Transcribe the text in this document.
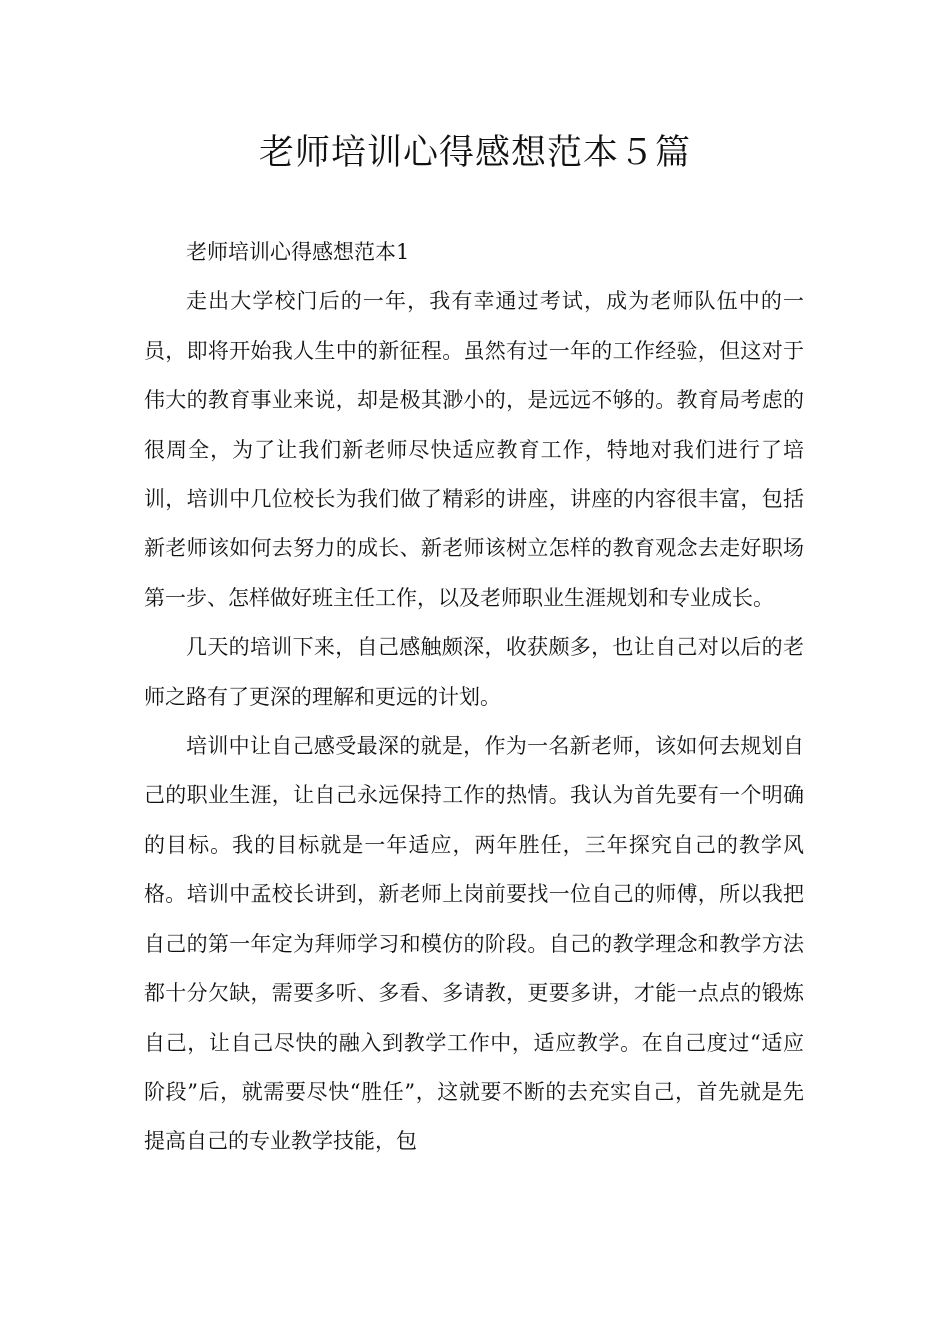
老师培训心得感想范本５篇

老师培训心得感想范本1

走出大学校门后的一年，我有幸通过考试，成为老师队伍中的一员，即将开始我人生中的新征程。虽然有过一年的工作经验，但这对于伟大的教育事业来说，却是极其渺小的，是远远不够的。教育局考虑的很周全，为了让我们新老师尽快适应教育工作，特地对我们进行了培训，培训中几位校长为我们做了精彩的讲座，讲座的内容很丰富，包括新老师该如何去努力的成长、新老师该树立怎样的教育观念去走好职场第一步、怎样做好班主任工作，以及老师职业生涯规划和专业成长。

几天的培训下来，自己感触颇深，收获颇多，也让自己对以后的老师之路有了更深的理解和更远的计划。

培训中让自己感受最深的就是，作为一名新老师，该如何去规划自己的职业生涯，让自己永远保持工作的热情。我认为首先要有一个明确的目标。我的目标就是一年适应，两年胜任，三年探究自己的教学风格。培训中孟校长讲到，新老师上岗前要找一位自己的师傅，所以我把自己的第一年定为拜师学习和模仿的阶段。自己的教学理念和教学方法都十分欠缺，需要多听、多看、多请教，更要多讲，才能一点点的锻炼自己，让自己尽快的融入到教学工作中，适应教学。在自己度过“适应阶段”后，就需要尽快“胜任”，这就要不断的去充实自己，首先就是先提高自己的专业教学技能，包
